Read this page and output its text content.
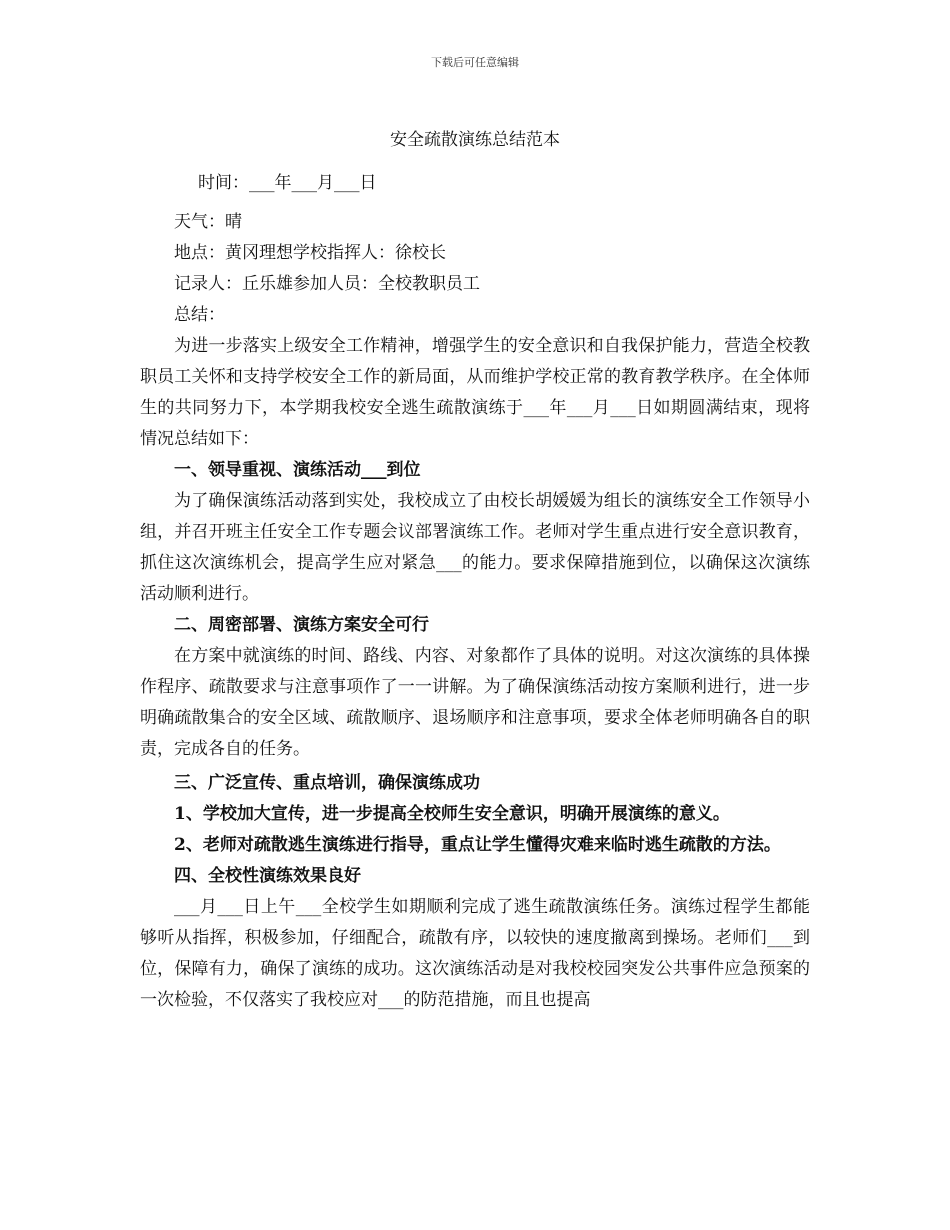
下载后可任意编辑
安全疏散演练总结范本
时间：___年___月___日

天气：晴

地点：黄冈理想学校指挥人：徐校长

记录人：丘乐雄参加人员：全校教职员工

总结：

为进一步落实上级安全工作精神，增强学生的安全意识和自我保护能力，营造全校教职员工关怀和支持学校安全工作的新局面，从而维护学校正常的教育教学秩序。在全体师生的共同努力下，本学期我校安全逃生疏散演练于___年___月___日如期圆满结束，现将情况总结如下：

一、领导重视、演练活动___到位

为了确保演练活动落到实处，我校成立了由校长胡媛媛为组长的演练安全工作领导小组，并召开班主任安全工作专题会议部署演练工作。老师对学生重点进行安全意识教育，抓住这次演练机会，提高学生应对紧急___的能力。要求保障措施到位，以确保这次演练活动顺利进行。

二、周密部署、演练方案安全可行

在方案中就演练的时间、路线、内容、对象都作了具体的说明。对这次演练的具体操作程序、疏散要求与注意事项作了一一讲解。为了确保演练活动按方案顺利进行，进一步明确疏散集合的安全区域、疏散顺序、退场顺序和注意事项，要求全体老师明确各自的职责，完成各自的任务。

三、广泛宣传、重点培训，确保演练成功

1、学校加大宣传，进一步提高全校师生安全意识，明确开展演练的意义。

2、老师对疏散逃生演练进行指导，重点让学生懂得灾难来临时逃生疏散的方法。

四、全校性演练效果良好

___月___日上午___全校学生如期顺利完成了逃生疏散演练任务。演练过程学生都能够听从指挥，积极参加，仔细配合，疏散有序，以较快的速度撤离到操场。老师们___到位，保障有力，确保了演练的成功。这次演练活动是对我校校园突发公共事件应急预案的一次检验，不仅落实了我校应对___的防范措施，而且也提高
